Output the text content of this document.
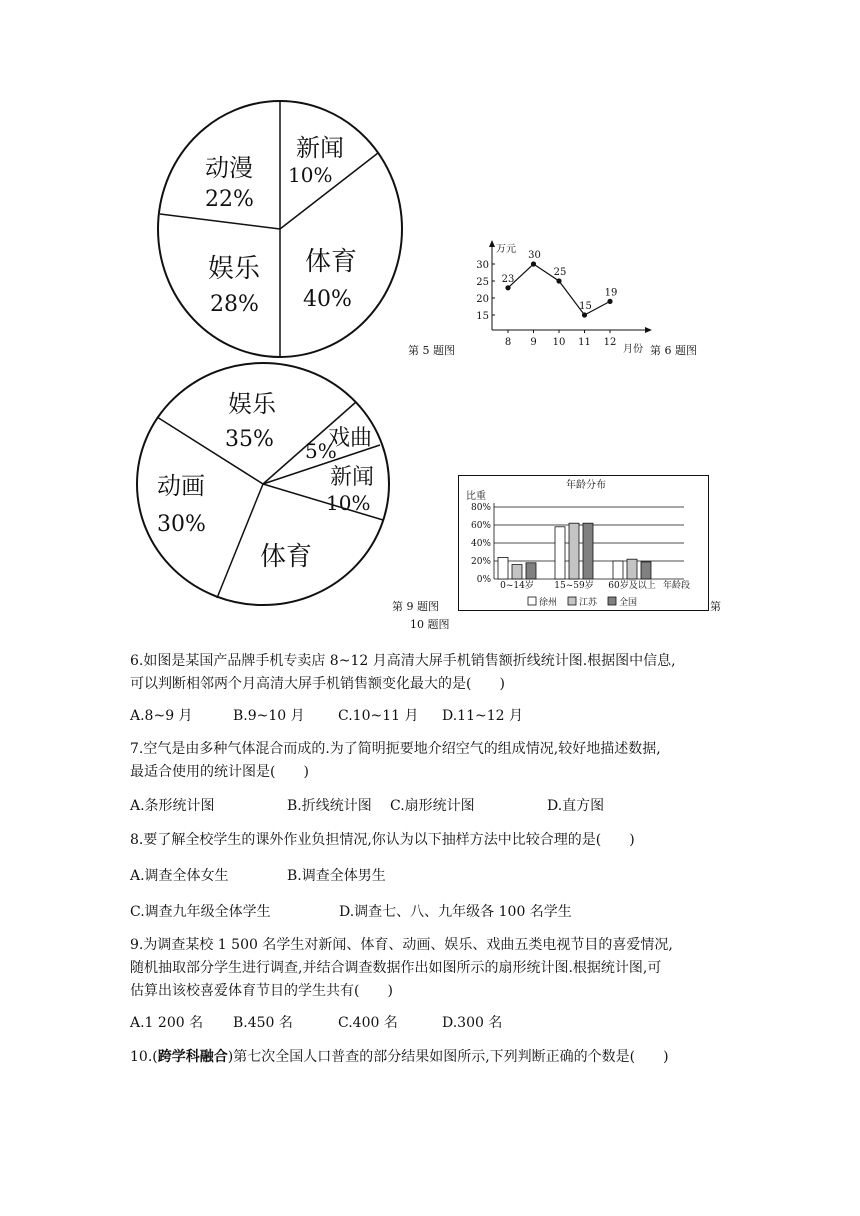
新闻
10%
体育
40%
娱乐
28%
动漫
22%
第 5 题图
万元
月份
15
20
25
30
8 9 10 11 12
23
30
25
15
19
第 6 题图
娱乐
35% 戏曲
5%
新闻
10%
体育
动画
30%
第 9 题图
年龄分布
比重
0%
20%
40%
60%
80%
0~14岁 15~59岁 60岁及以上 年龄段
徐州 江苏 全国	第
10 题图
6.如图是某国产品牌手机专卖店 8~12 月高清大屏手机销售额折线统计图.根据图中信息,
可以判断相邻两个月高清大屏手机销售额变化最大的是(　　)
A.8~9 月	B.9~10 月 C.10~11 月 D.11~12 月
7.空气是由多种气体混合而成的.为了简明扼要地介绍空气的组成情况,较好地描述数据,
最适合使用的统计图是(　　)
A.条形统计图	B.折线统计图 C.扇形统计图	D.直方图
8.要了解全校学生的课外作业负担情况,你认为以下抽样方法中比较合理的是(　　)
A.调查全体女生	B.调查全体男生
C.调查九年级全体学生	D.调查七、八、九年级各 100 名学生
9.为调查某校 1 500 名学生对新闻、体育、动画、娱乐、戏曲五类电视节目的喜爱情况,
随机抽取部分学生进行调查,并结合调查数据作出如图所示的扇形统计图.根据统计图,可
估算出该校喜爱体育节目的学生共有(　　)
A.1 200 名 B.450 名	C.400 名	D.300 名
10.(跨学科融合)第七次全国人口普查的部分结果如图所示,下列判断正确的个数是(　　)
